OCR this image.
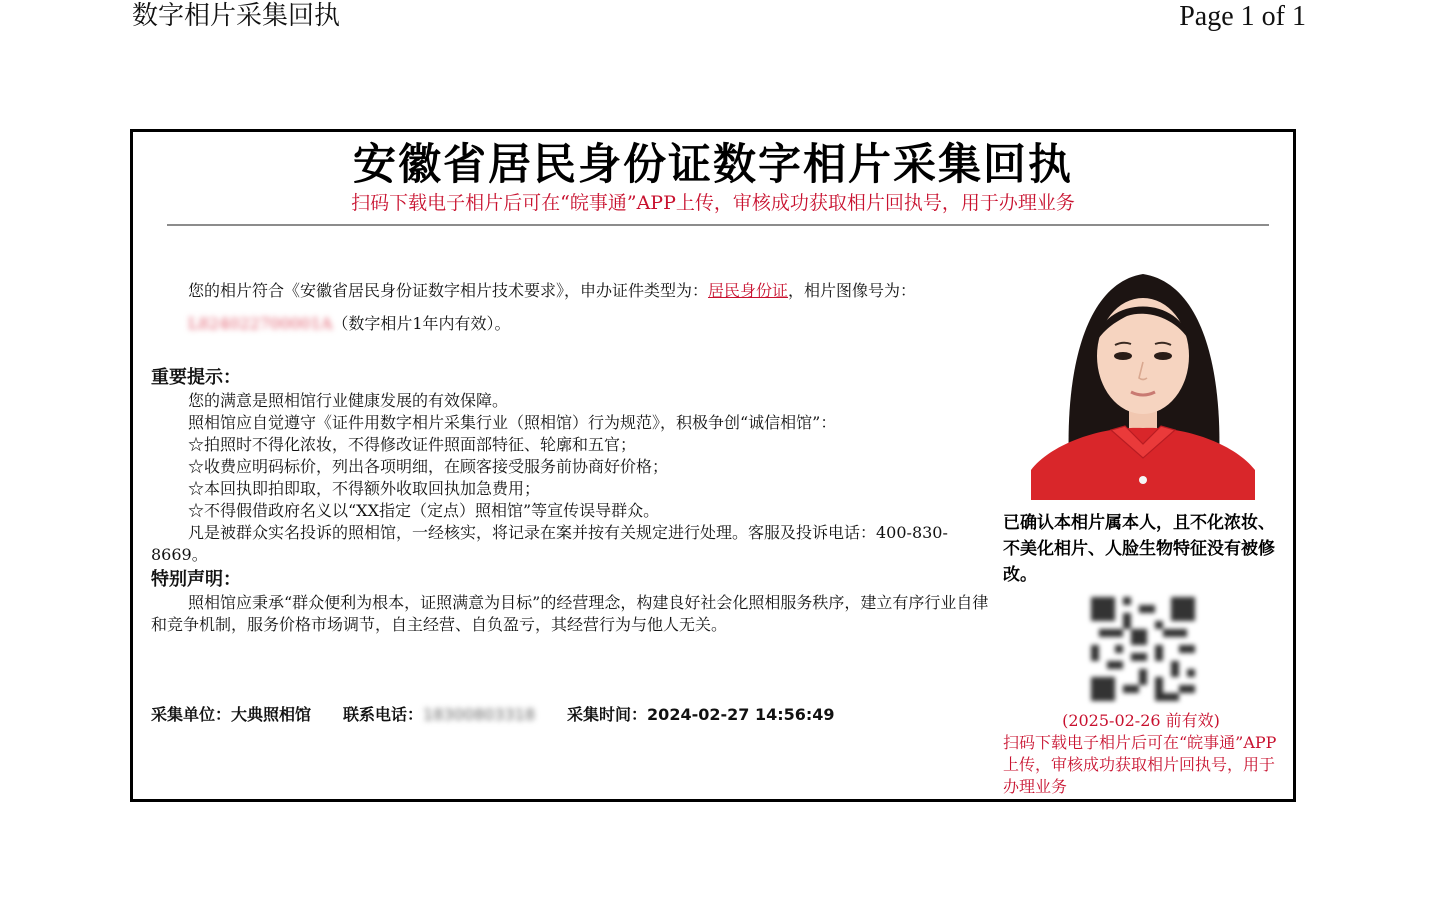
数字相片采集回执	Page 1 of 1
安徽省居民身份证数字相片采集回执
扫码下载电子相片后可在“皖事通”APP上传，审核成功获取相片回执号，用于办理业务

您的相片符合《安徽省居民身份证数字相片技术要求》，申办证件类型为：居民身份证，相片图像号为：L824022700001A（数字相片1年内有效）。

重要提示：
您的满意是照相馆行业健康发展的有效保障。
照相馆应自觉遵守《证件用数字相片采集行业（照相馆）行为规范》，积极争创“诚信相馆”：
☆拍照时不得化浓妆，不得修改证件照面部特征、轮廓和五官；
☆收费应明码标价，列出各项明细，在顾客接受服务前协商好价格；
☆本回执即拍即取，不得额外收取回执加急费用；
☆不得假借政府名义以“XX指定（定点）照相馆”等宣传误导群众。
凡是被群众实名投诉的照相馆，一经核实，将记录在案并按有关规定进行处理。客服及投诉电话：400-830-8669。
特别声明：
照相馆应秉承“群众便利为根本，证照满意为目标”的经营理念，构建良好社会化照相服务秩序，建立有序行业自律和竞争机制，服务价格市场调节，自主经营、自负盈亏，其经营行为与他人无关。
采集单位：大典照相馆 联系电话：18300803318 采集时间：2024-02-27 14:56:49
已确认本相片属本人，且不化浓妆、不美化相片、人脸生物特征没有被修改。
(2025-02-26 前有效)
扫码下载电子相片后可在“皖事通”APP上传，审核成功获取相片回执号，用于办理业务
